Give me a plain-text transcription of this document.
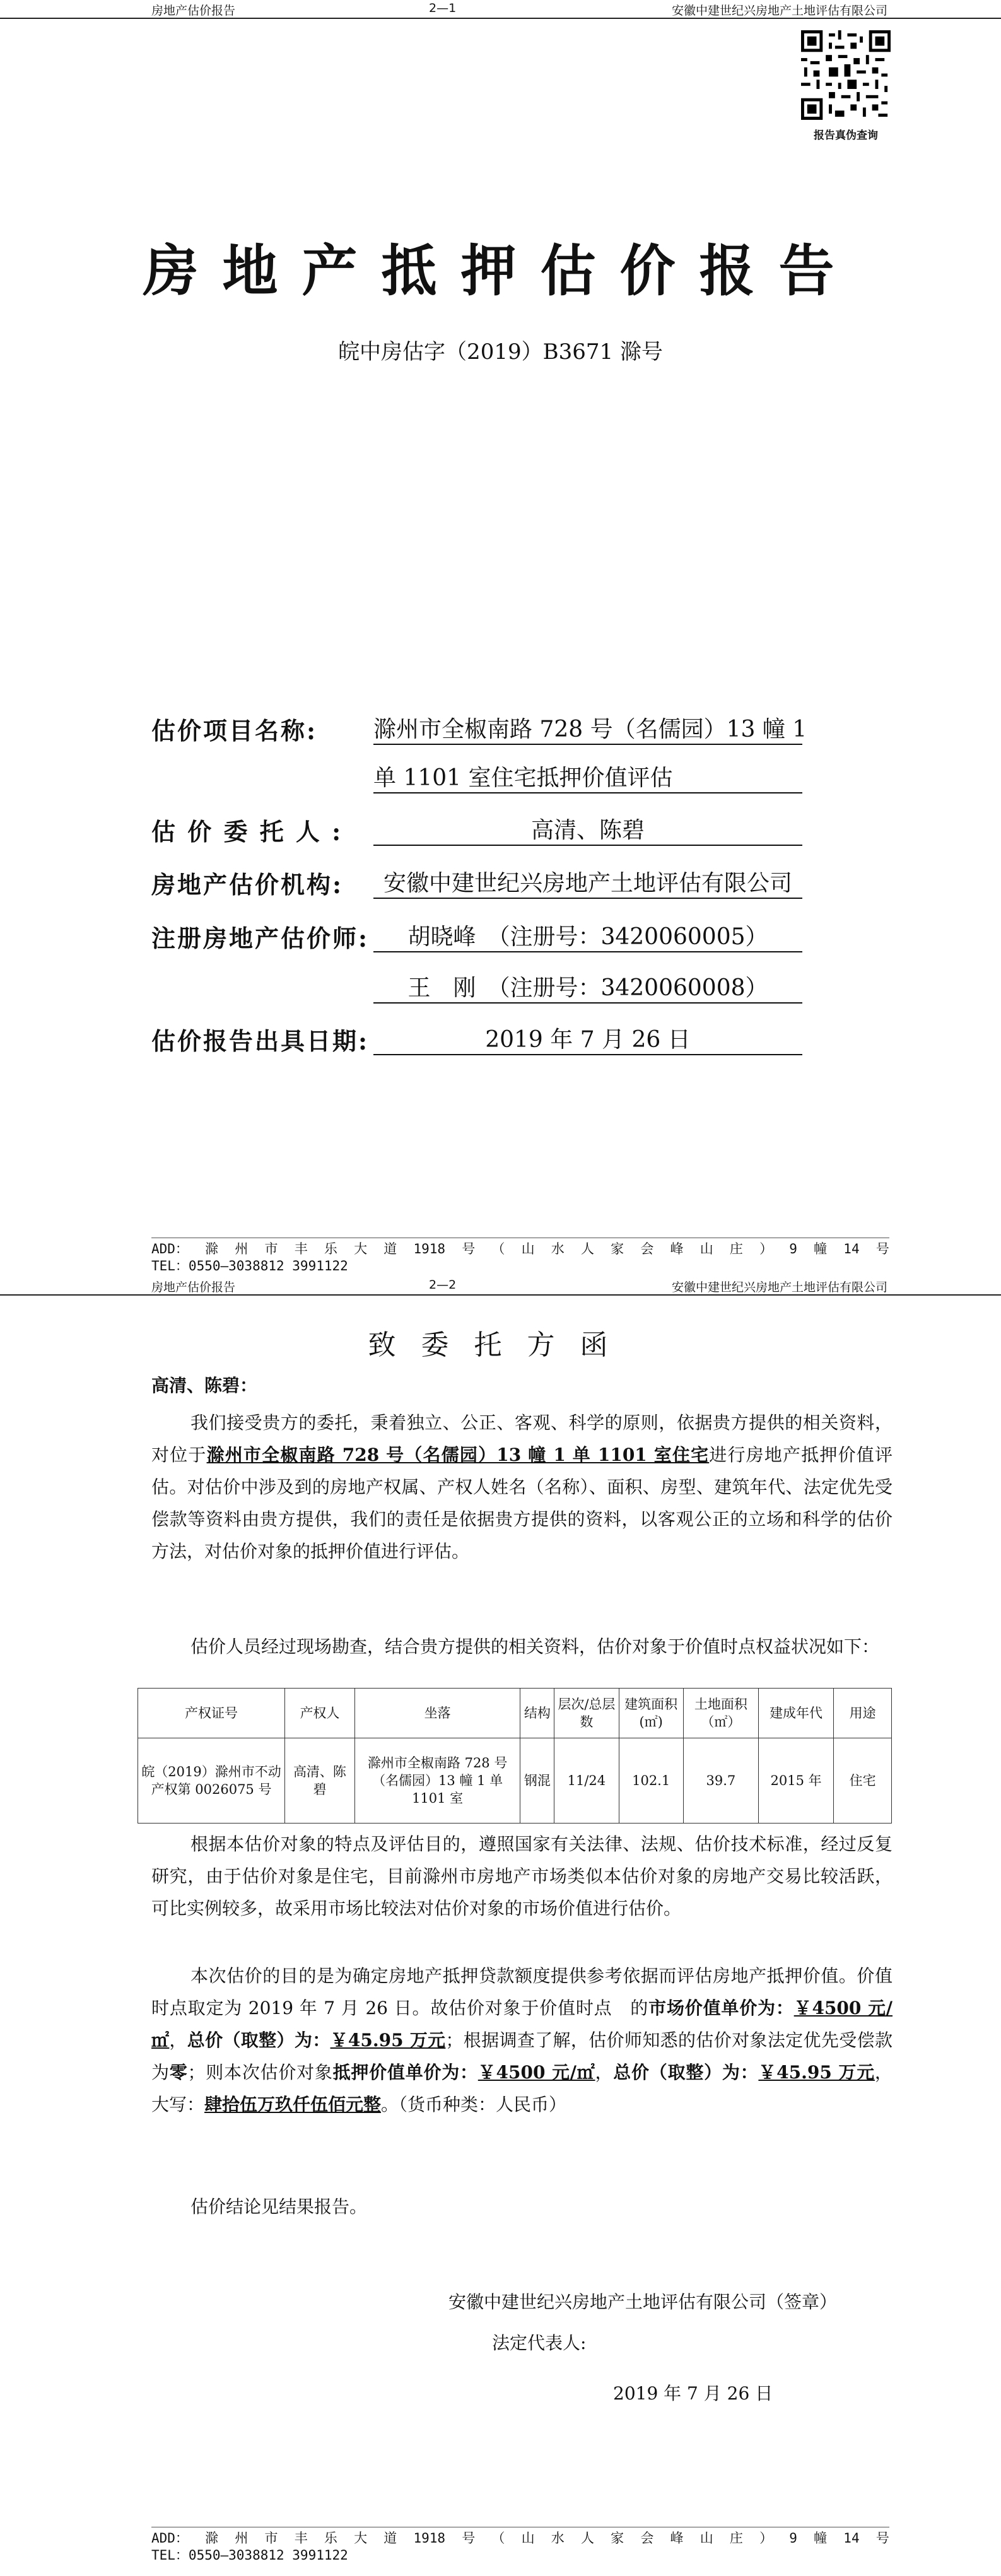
房地产估价报告	2—1	安徽中建世纪兴房地产土地评估有限公司
报告真伪查询
房地产抵押估价报告
皖中房估字（2019）B3671 滁号
估价项目名称:	滁州市全椒南路 728 号（名儒园）13 幢 1
单 1101 室住宅抵押价值评估
估 价 委 托 人 :	高清、陈碧
房地产估价机构:	安徽中建世纪兴房地产土地评估有限公司
注册房地产估价师:	胡晓峰　（注册号：3420060005）
王　刚　（注册号：3420060008）
估价报告出具日期:	2019 年 7 月 26 日
ADD： 滁 州 市 丰 乐 大 道 1918 号 （ 山 水 人 家 会 峰 山 庄 ） 9 幢 14 号
TEL：0550—3038812 3991122
房地产估价报告	2—2	安徽中建世纪兴房地产土地评估有限公司
致委托方函
高清、陈碧：
我们接受贵方的委托，秉着独立、公正、客观、科学的原则，依据贵方提供的相关资料，对位于滁州市全椒南路 728 号（名儒园）13 幢 1 单 1101 室住宅进行房地产抵押价值评估。对估价中涉及到的房地产权属、产权人姓名（名称）、面积、房型、建筑年代、法定优先受偿款等资料由贵方提供，我们的责任是依据贵方提供的资料，以客观公正的立场和科学的估价方法，对估价对象的抵押价值进行评估。
估价人员经过现场勘查，结合贵方提供的相关资料，估价对象于价值时点权益状况如下：
产权证号	产权人	坐落	结构	层次/总层数	建筑面积(㎡)	土地面积（㎡）	建成年代	用途
皖（2019）滁州市不动产权第 0026075 号	高清、陈碧	滁州市全椒南路 728 号（名儒园）13 幢 1 单 1101 室	钢混	11/24	102.1	39.7	2015 年	住宅
根据本估价对象的特点及评估目的，遵照国家有关法律、法规、估价技术标准，经过反复研究，由于估价对象是住宅，目前滁州市房地产市场类似本估价对象的房地产交易比较活跃，可比实例较多，故采用市场比较法对估价对象的市场价值进行估价。
本次估价的目的是为确定房地产抵押贷款额度提供参考依据而评估房地产抵押价值。价值时点取定为 2019 年 7 月 26 日。故估价对象于价值时点　的市场价值单价为：￥4500 元/㎡，总价（取整）为：￥45.95 万元；根据调查了解，估价师知悉的估价对象法定优先受偿款为零；则本次估价对象抵押价值单价为：￥4500 元/㎡，总价（取整）为：￥45.95 万元，大写：肆拾伍万玖仟伍佰元整。（货币种类：人民币）
估价结论见结果报告。
安徽中建世纪兴房地产土地评估有限公司（签章）
法定代表人:
2019 年 7 月 26 日
ADD： 滁 州 市 丰 乐 大 道 1918 号 （ 山 水 人 家 会 峰 山 庄 ） 9 幢 14 号
TEL：0550—3038812 3991122
